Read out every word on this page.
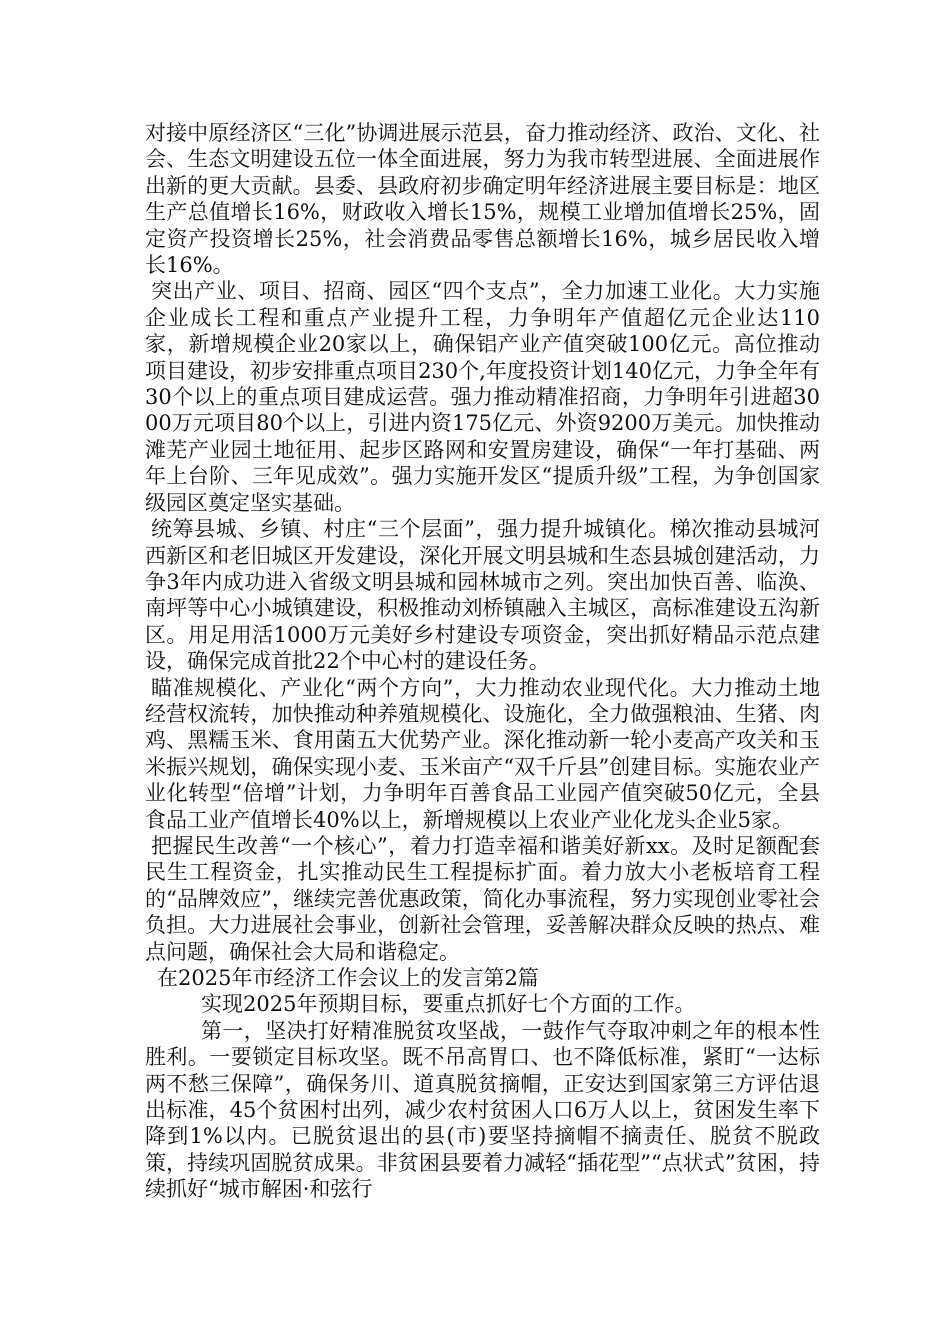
对接中原经济区“三化”协调进展示范县，奋力推动经济、政治、文化、社会、生态文明建设五位一体全面进展，努力为我市转型进展、全面进展作出新的更大贡献。县委、县政府初步确定明年经济进展主要目标是：地区生产总值增长16%，财政收入增长15%，规模工业增加值增长25%，固定资产投资增长25%，社会消费品零售总额增长16%，城乡居民收入增长16%。

突出产业、项目、招商、园区“四个支点”，全力加速工业化。大力实施企业成长工程和重点产业提升工程，力争明年产值超亿元企业达110 家，新增规模企业20家以上，确保铝产业产值突破100亿元。高位推动项目建设，初步安排重点项目230个,年度投资计划140亿元，力争全年有30个以上的重点项目建成运营。强力推动精准招商，力争明年引进超3000万元项目80个以上，引进内资175亿元、外资9200万美元。加快推动滩芜产业园土地征用、起步区路网和安置房建设，确保“一年打基础、两年上台阶、三年见成效”。强力实施开发区“提质升级”工程，为争创国家级园区奠定坚实基础。

统筹县城、乡镇、村庄“三个层面”，强力提升城镇化。梯次推动县城河西新区和老旧城区开发建设，深化开展文明县城和生态县城创建活动，力争3年内成功进入省级文明县城和园林城市之列。突出加快百善、临涣、南坪等中心小城镇建设，积极推动刘桥镇融入主城区，高标准建设五沟新区。用足用活1000万元美好乡村建设专项资金，突出抓好精品示范点建设，确保完成首批22个中心村的建设任务。

瞄准规模化、产业化“两个方向”，大力推动农业现代化。大力推动土地经营权流转，加快推动种养殖规模化、设施化，全力做强粮油、生猪、肉鸡、黑糯玉米、食用菌五大优势产业。深化推动新一轮小麦高产攻关和玉米振兴规划，确保实现小麦、玉米亩产“双千斤县”创建目标。实施农业产业化转型“倍增”计划，力争明年百善食品工业园产值突破50亿元，全县食品工业产值增长40%以上，新增规模以上农业产业化龙头企业5家。

把握民生改善“一个核心”，着力打造幸福和谐美好新xx。及时足额配套民生工程资金，扎实推动民生工程提标扩面。着力放大小老板培育工程的“品牌效应”，继续完善优惠政策，简化办事流程，努力实现创业零社会负担。大力进展社会事业，创新社会管理，妥善解决群众反映的热点、难点问题，确保社会大局和谐稳定。

在2025年市经济工作会议上的发言第2篇

实现2025年预期目标，要重点抓好七个方面的工作。

第一，坚决打好精准脱贫攻坚战，一鼓作气夺取冲刺之年的根本性胜利。一要锁定目标攻坚。既不吊高胃口、也不降低标准，紧盯“一达标两不愁三保障”，确保务川、道真脱贫摘帽，正安达到国家第三方评估退出标准，45个贫困村出列，减少农村贫困人口6万人以上，贫困发生率下降到1%以内。已脱贫退出的县(市)要坚持摘帽不摘责任、脱贫不脱政策，持续巩固脱贫成果。非贫困县要着力减轻“插花型”“点状式”贫困，持续抓好“城市解困·和弦行
